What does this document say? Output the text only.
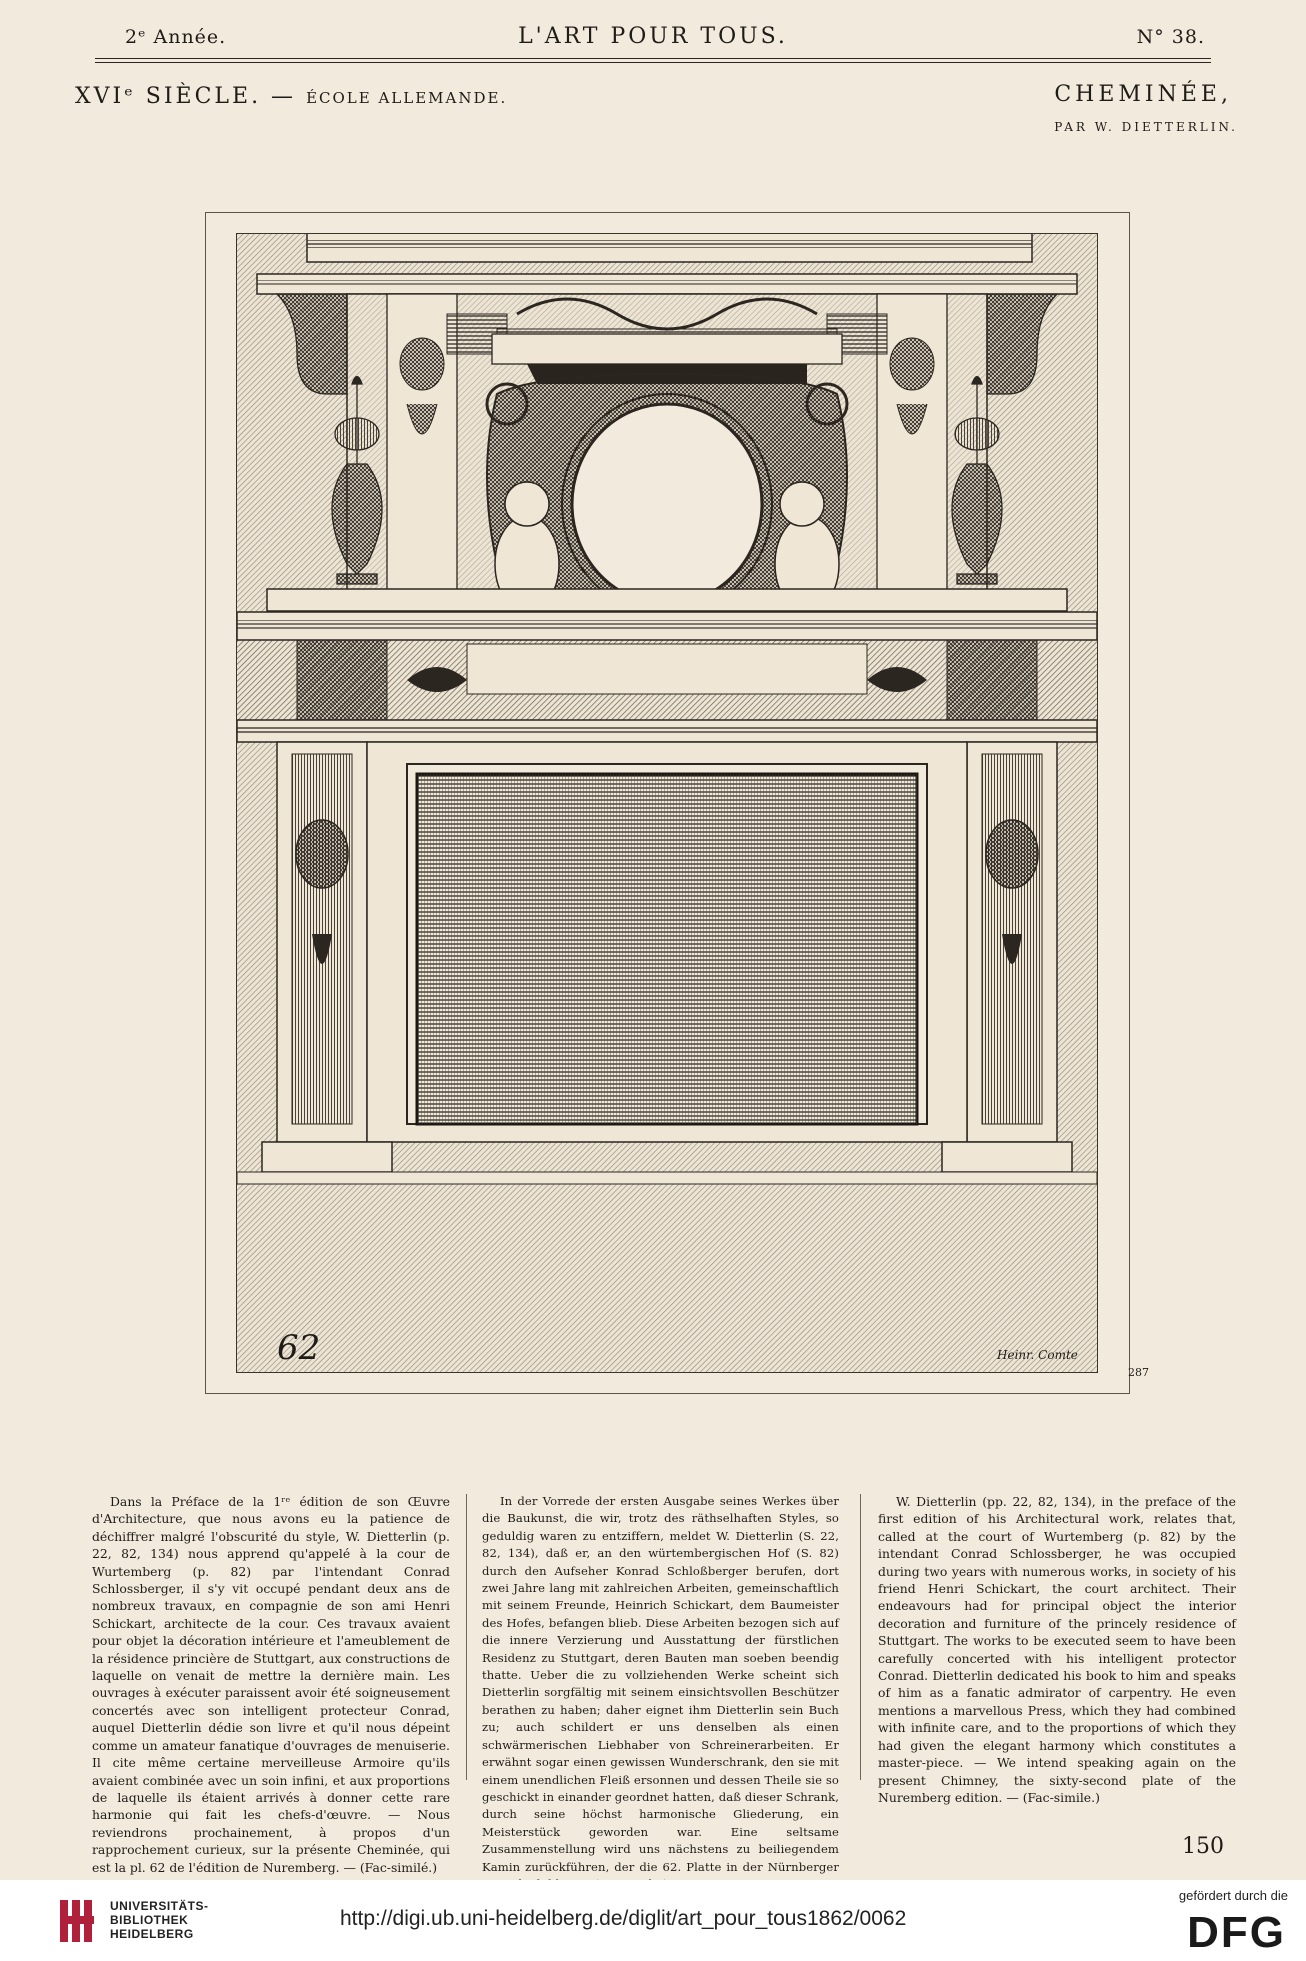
2ᵉ Année.	L'ART POUR TOUS.	N° 38.
XVIᵉ SIÈCLE. — ÉCOLE ALLEMANDE.	CHEMINÉE,
PAR W. DIETTERLIN.
62	Heinr. Comte
287

Dans la Préface de la 1ʳᵉ édition de son Œuvre d'Architecture, que nous avons eu la patience de déchiffrer malgré l'obscurité du style, W. Dietterlin (p. 22, 82, 134) nous apprend qu'appelé à la cour de Wurtemberg (p. 82) par l'intendant Conrad Schlossberger, il s'y vit occupé pendant deux ans de nombreux travaux, en compagnie de son ami Henri Schickart, architecte de la cour. Ces travaux avaient pour objet la décoration intérieure et l'ameublement de la résidence princière de Stuttgart, aux constructions de laquelle on venait de mettre la dernière main. Les ouvrages à exécuter paraissent avoir été soigneusement concertés avec son intelligent protecteur Conrad, auquel Dietterlin dédie son livre et qu'il nous dépeint comme un amateur fanatique d'ouvrages de menuiserie. Il cite même certaine merveilleuse Armoire qu'ils avaient combinée avec un soin infini, et aux proportions de laquelle ils étaient arrivés à donner cette rare harmonie qui fait les chefs-d'œuvre. — Nous reviendrons prochainement, à propos d'un rapprochement curieux, sur la présente Cheminée, qui est la pl. 62 de l'édition de Nuremberg. — (Fac-similé.)

In der Vorrede der ersten Ausgabe seines Werkes über die Baukunst, die wir, trotz des räthselhaften Styles, so geduldig waren zu entziffern, meldet W. Dietterlin (S. 22, 82, 134), daß er, an den würtembergischen Hof (S. 82) durch den Aufseher Konrad Schloßberger berufen, dort zwei Jahre lang mit zahlreichen Arbeiten, gemeinschaftlich mit seinem Freunde, Heinrich Schickart, dem Baumeister des Hofes, befangen blieb. Diese Arbeiten bezogen sich auf die innere Verzierung und Ausstattung der fürstlichen Residenz zu Stuttgart, deren Bauten man soeben beendig thatte. Ueber die zu vollziehenden Werke scheint sich Dietterlin sorgfältig mit seinem einsichtsvollen Beschützer berathen zu haben; daher eignet ihm Dietterlin sein Buch zu; auch schildert er uns denselben als einen schwärmerischen Liebhaber von Schreinerarbeiten. Er erwähnt sogar einen gewissen Wunderschrank, den sie mit einem unendlichen Fleiß ersonnen und dessen Theile sie so geschickt in einander geordnet hatten, daß dieser Schrank, durch seine höchst harmonische Gliederung, ein Meisterstück geworden war. Eine seltsame Zusammenstellung wird uns nächstens zu beiliegendem Kamin zurückführen, der die 62. Platte in der Nürnberger

W. Dietterlin (pp. 22, 82, 134), in the preface of the first edition of his Architectural work, relates that, called at the court of Wurtemberg (p. 82) by the intendant Conrad Schlossberger, he was occupied during two years with numerous works, in society of his friend Henri Schickart, the court architect. Their endeavours had for principal object the interior decoration and furniture of the princely residence of Stuttgart. The works to be executed seem to have been carefully concerted with his intelligent protector Conrad. Dietterlin dedicated his book to him and speaks of him as a fanatic admirator of carpentry. He even mentions a marvellous Press, which they had combined with infinite care, and to the proportions of which they had given the elegant harmony which constitutes a master-piece. — We intend speaking again on the present Chimney, the sixty-second plate of the Nuremberg edition. — (Fac-simile.)

150
UNIVERSITÄTS-
BIBLIOTHEK
HEIDELBERG
http://digi.ub.uni-heidelberg.de/diglit/art_pour_tous1862/0062
gefördert durch die
DFG
